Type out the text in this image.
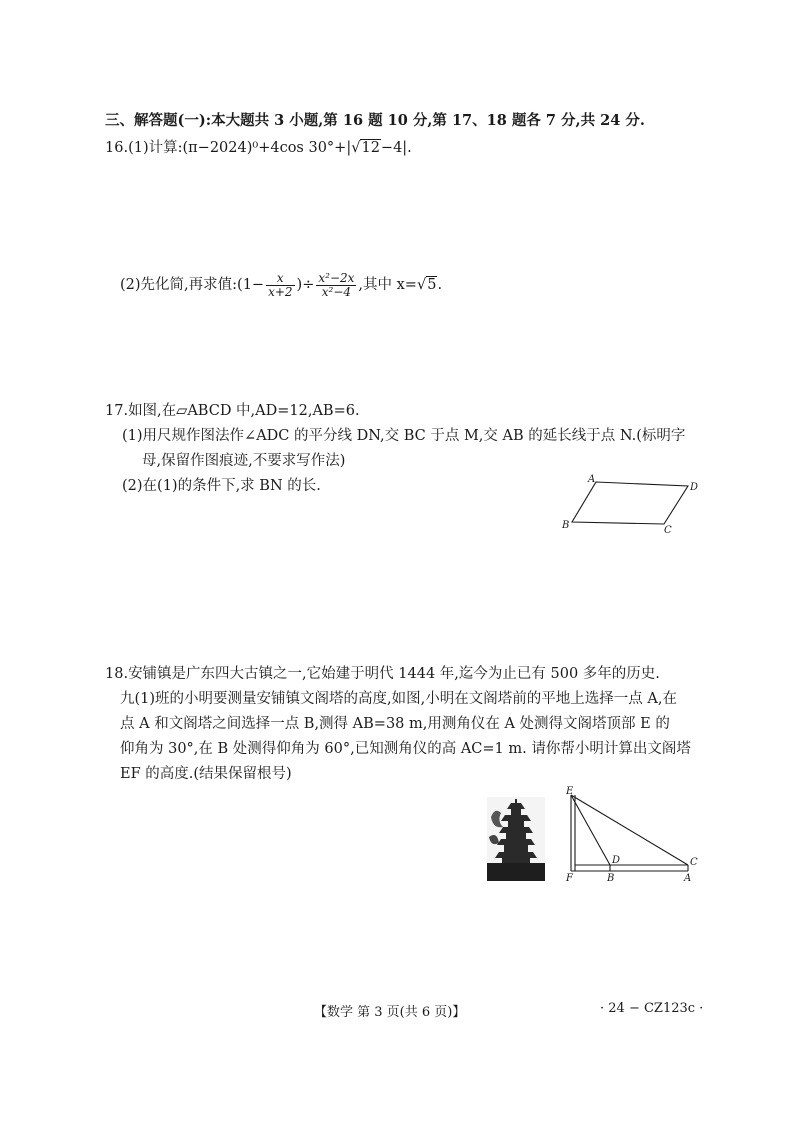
三、解答题(一):本大题共 3 小题,第 16 题 10 分,第 17、18 题各 7 分,共 24 分.
16.(1)计算:(π−2024)⁰+4cos 30°+|√12−4|.
(2)先化简,再求值:(1− $\frac{x}{x+2}$ )÷ $\frac{\text{x²−2x}}{\text{x²−4}}$ ,其中 x=√5.
17.如图,在▱ABCD 中,AD=12,AB=6.
(1)用尺规作图法作∠ADC 的平分线 DN,交 BC 于点 M,交 AB 的延长线于点 N.(标明字
母,保留作图痕迹,不要求写作法)
(2)在(1)的条件下,求 BN 的长.	A
D
C
B
18.安铺镇是广东四大古镇之一,它始建于明代 1444 年,迄今为止已有 500 多年的历史.
九(1)班的小明要测量安铺镇文阁塔的高度,如图,小明在文阁塔前的平地上选择一点 A,在
点 A 和文阁塔之间选择一点 B,测得 AB=38 m,用测角仪在 A 处测得文阁塔顶部 E 的
仰角为 30°,在 B 处测得仰角为 60°,已知测角仪的高 AC=1 m. 请你帮小明计算出文阁塔
EF 的高度.(结果保留根号)
E
F	B	A
C
D
【数学 第 3 页(共 6 页)】	· 24 − CZ123c ·
